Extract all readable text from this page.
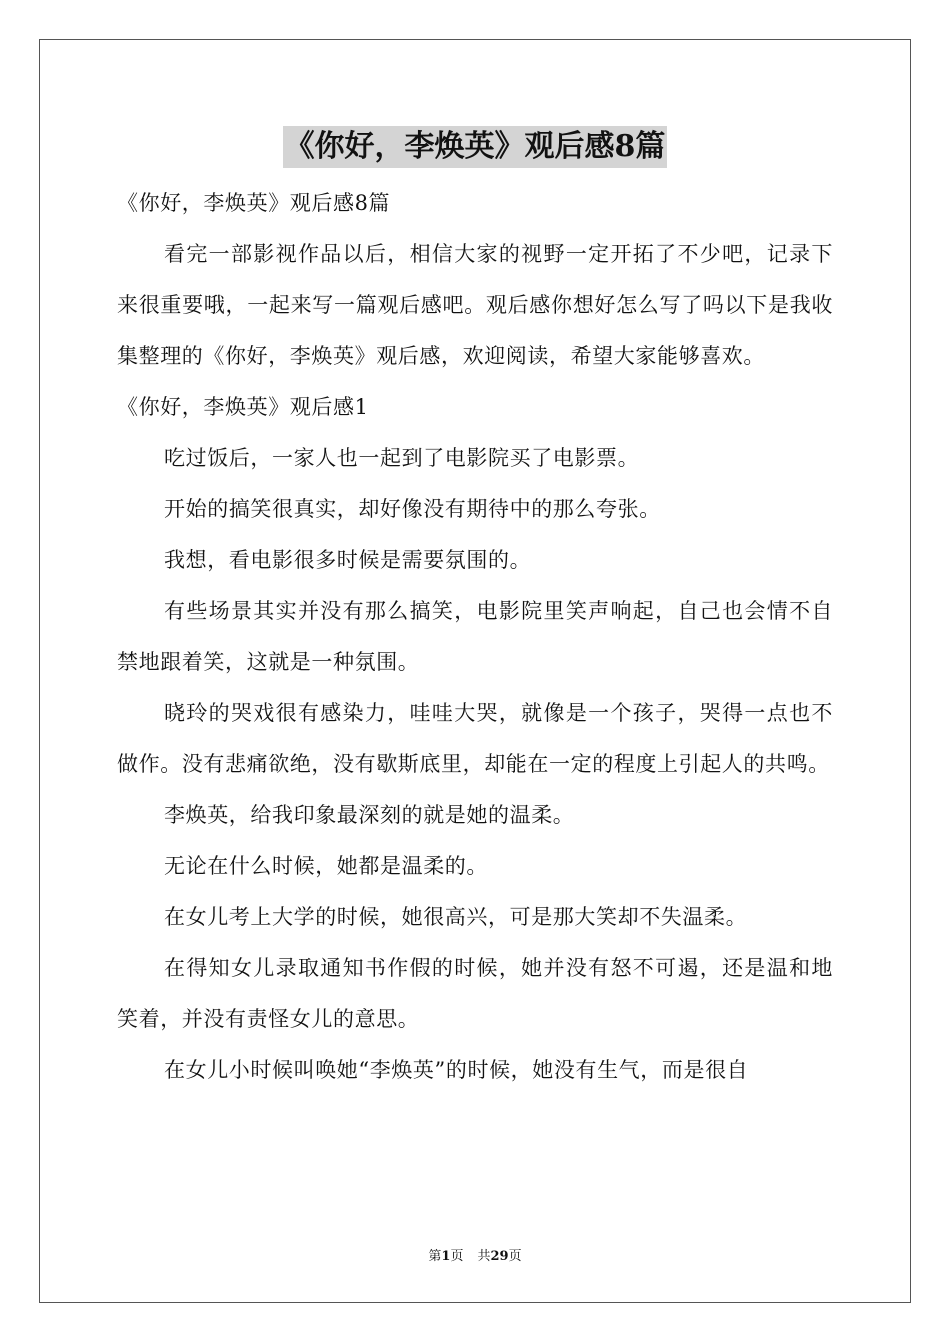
《你好，李焕英》观后感8篇

《你好，李焕英》观后感8篇

看完一部影视作品以后，相信大家的视野一定开拓了不少吧，记录下来很重要哦，一起来写一篇观后感吧。观后感你想好怎么写了吗以下是我收集整理的《你好，李焕英》观后感，欢迎阅读，希望大家能够喜欢。

《你好，李焕英》观后感1

吃过饭后，一家人也一起到了电影院买了电影票。

开始的搞笑很真实，却好像没有期待中的那么夸张。

我想，看电影很多时候是需要氛围的。

有些场景其实并没有那么搞笑，电影院里笑声响起，自己也会情不自禁地跟着笑，这就是一种氛围。

晓玲的哭戏很有感染力，哇哇大哭，就像是一个孩子，哭得一点也不做作。没有悲痛欲绝，没有歇斯底里，却能在一定的程度上引起人的共鸣。

李焕英，给我印象最深刻的就是她的温柔。

无论在什么时候，她都是温柔的。

在女儿考上大学的时候，她很高兴，可是那大笑却不失温柔。

在得知女儿录取通知书作假的时候，她并没有怒不可遏，还是温和地笑着，并没有责怪女儿的意思。

在女儿小时候叫唤她“李焕英”的时候，她没有生气，而是很自

第1页 共29页
